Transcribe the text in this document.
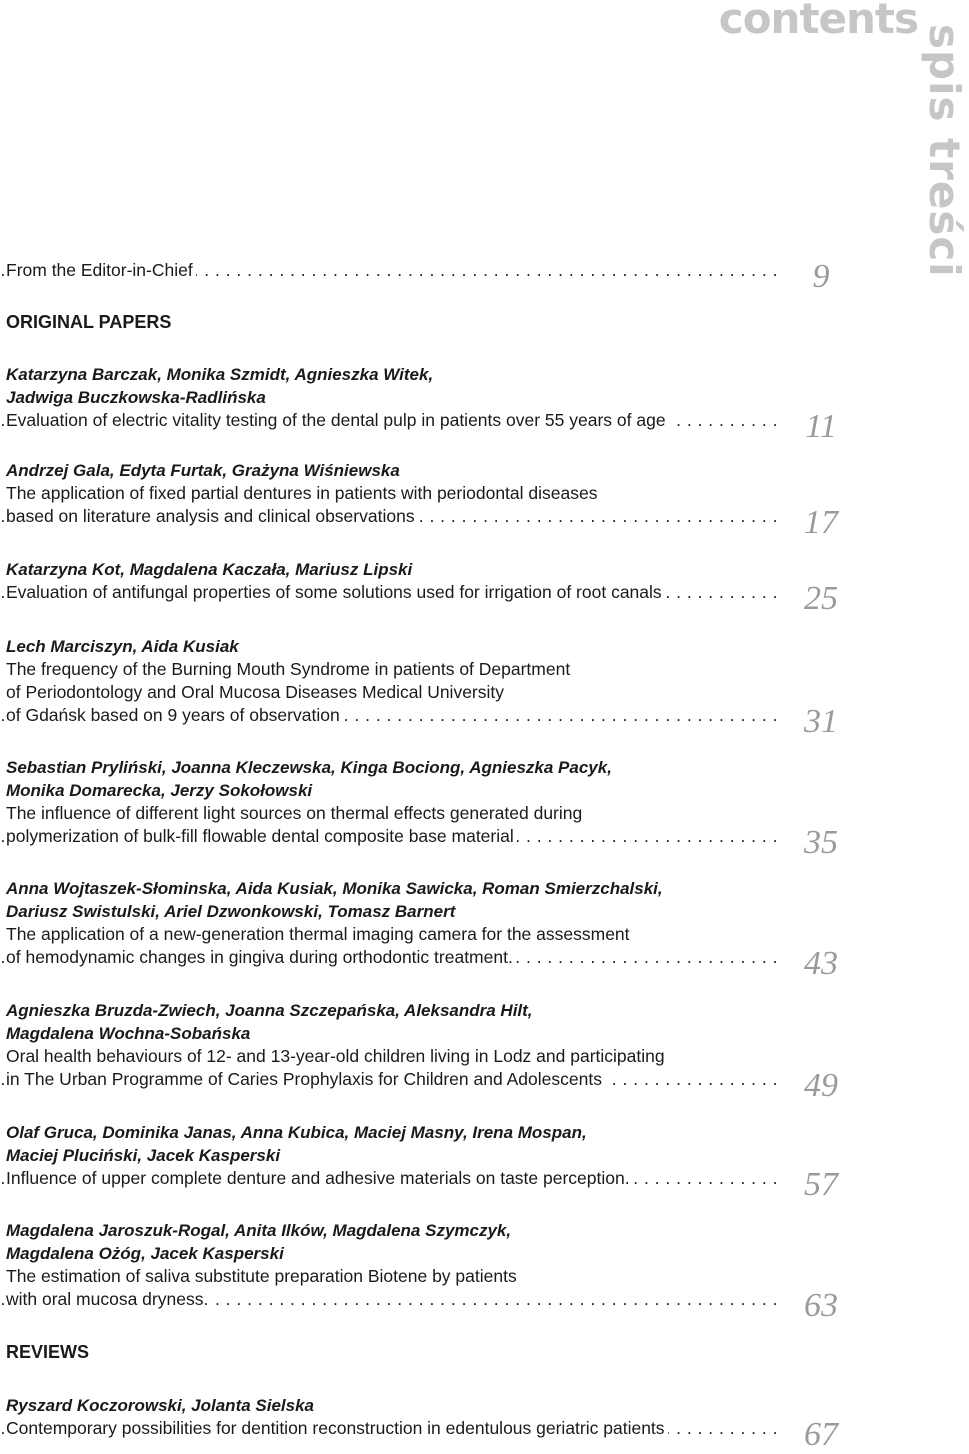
contents
spis treści
From the Editor-in-Chief . . .	9
ORIGINAL PAPERS
REVIEWS
Katarzyna Barczak, Monika Szmidt, Agnieszka Witek,
Jadwiga Buczkowska-Radlińska
Evaluation of electric vitality testing of the dental pulp in patients over 55 years of age . . .	11
Andrzej Gala, Edyta Furtak, Grażyna Wiśniewska
The application of fixed partial dentures in patients with periodontal diseases
based on literature analysis and clinical observations . . .	17
Katarzyna Kot, Magdalena Kaczała, Mariusz Lipski
Evaluation of antifungal properties of some solutions used for irrigation of root canals . . .	25
Lech Marciszyn, Aida Kusiak
The frequency of the Burning Mouth Syndrome in patients of Department
of Periodontology and Oral Mucosa Diseases Medical University
of Gdańsk based on 9 years of observation . . .	31
Sebastian Pryliński, Joanna Kleczewska, Kinga Bociong, Agnieszka Pacyk,
Monika Domarecka, Jerzy Sokołowski
The influence of different light sources on thermal effects generated during
polymerization of bulk-fill flowable dental composite base material . . .	35
Anna Wojtaszek-Słominska, Aida Kusiak, Monika Sawicka, Roman Smierzchalski,
Dariusz Swistulski, Ariel Dzwonkowski, Tomasz Barnert
The application of a new-generation thermal imaging camera for the assessment
of hemodynamic changes in gingiva during orthodontic treatment. . . .	43
Agnieszka Bruzda-Zwiech, Joanna Szczepańska, Aleksandra Hilt,
Magdalena Wochna-Sobańska
Oral health behaviours of 12- and 13-year-old children living in Lodz and participating
in The Urban Programme of Caries Prophylaxis for Children and Adolescents . . .	49
Olaf Gruca, Dominika Janas, Anna Kubica, Maciej Masny, Irena Mospan,
Maciej Pluciński, Jacek Kasperski
Influence of upper complete denture and adhesive materials on taste perception. . . .	57
Magdalena Jaroszuk-Rogal, Anita Ilków, Magdalena Szymczyk,
Magdalena Ożóg, Jacek Kasperski
The estimation of saliva substitute preparation Biotene by patients
with oral mucosa dryness. . . .	63
Ryszard Koczorowski, Jolanta Sielska
Contemporary possibilities for dentition reconstruction in edentulous geriatric patients . . .	67
